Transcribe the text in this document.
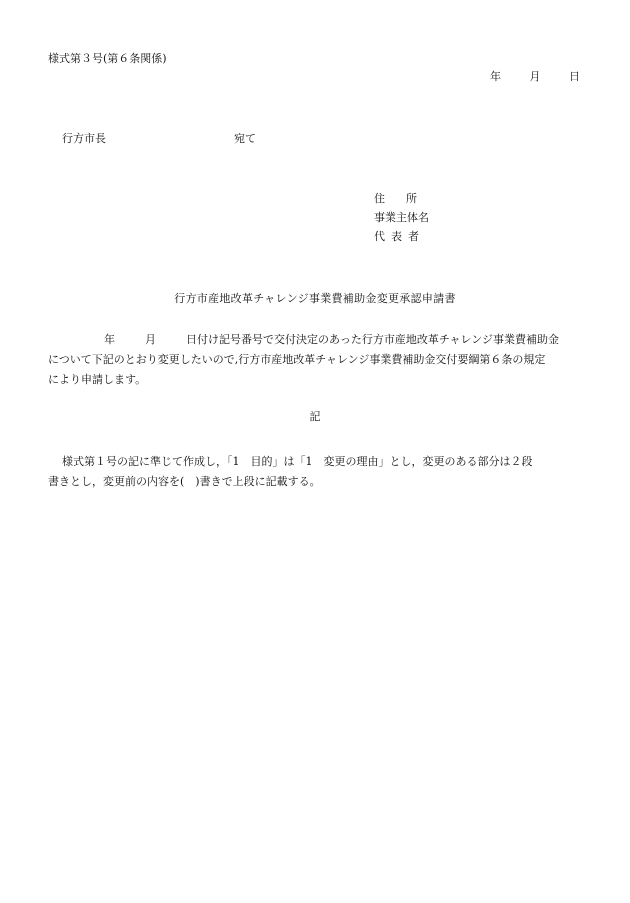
様式第３号(第６条関係)
年	月	日
行方市長	宛て
住所
事業主体名
代表者
行方市産地改革チャレンジ事業費補助金変更承認申請書
年	月	日付け記号番号で交付決定のあった行方市産地改革チャレンジ事業費補助金
について下記のとおり変更したいので,行方市産地改革チャレンジ事業費補助金交付要綱第６条の規定
により申請します。
記
様式第１号の記に準じて作成し，「1　目的」は「1　変更の理由」とし，変更のある部分は２段
書きとし，変更前の内容を(　)書きで上段に記載する。
